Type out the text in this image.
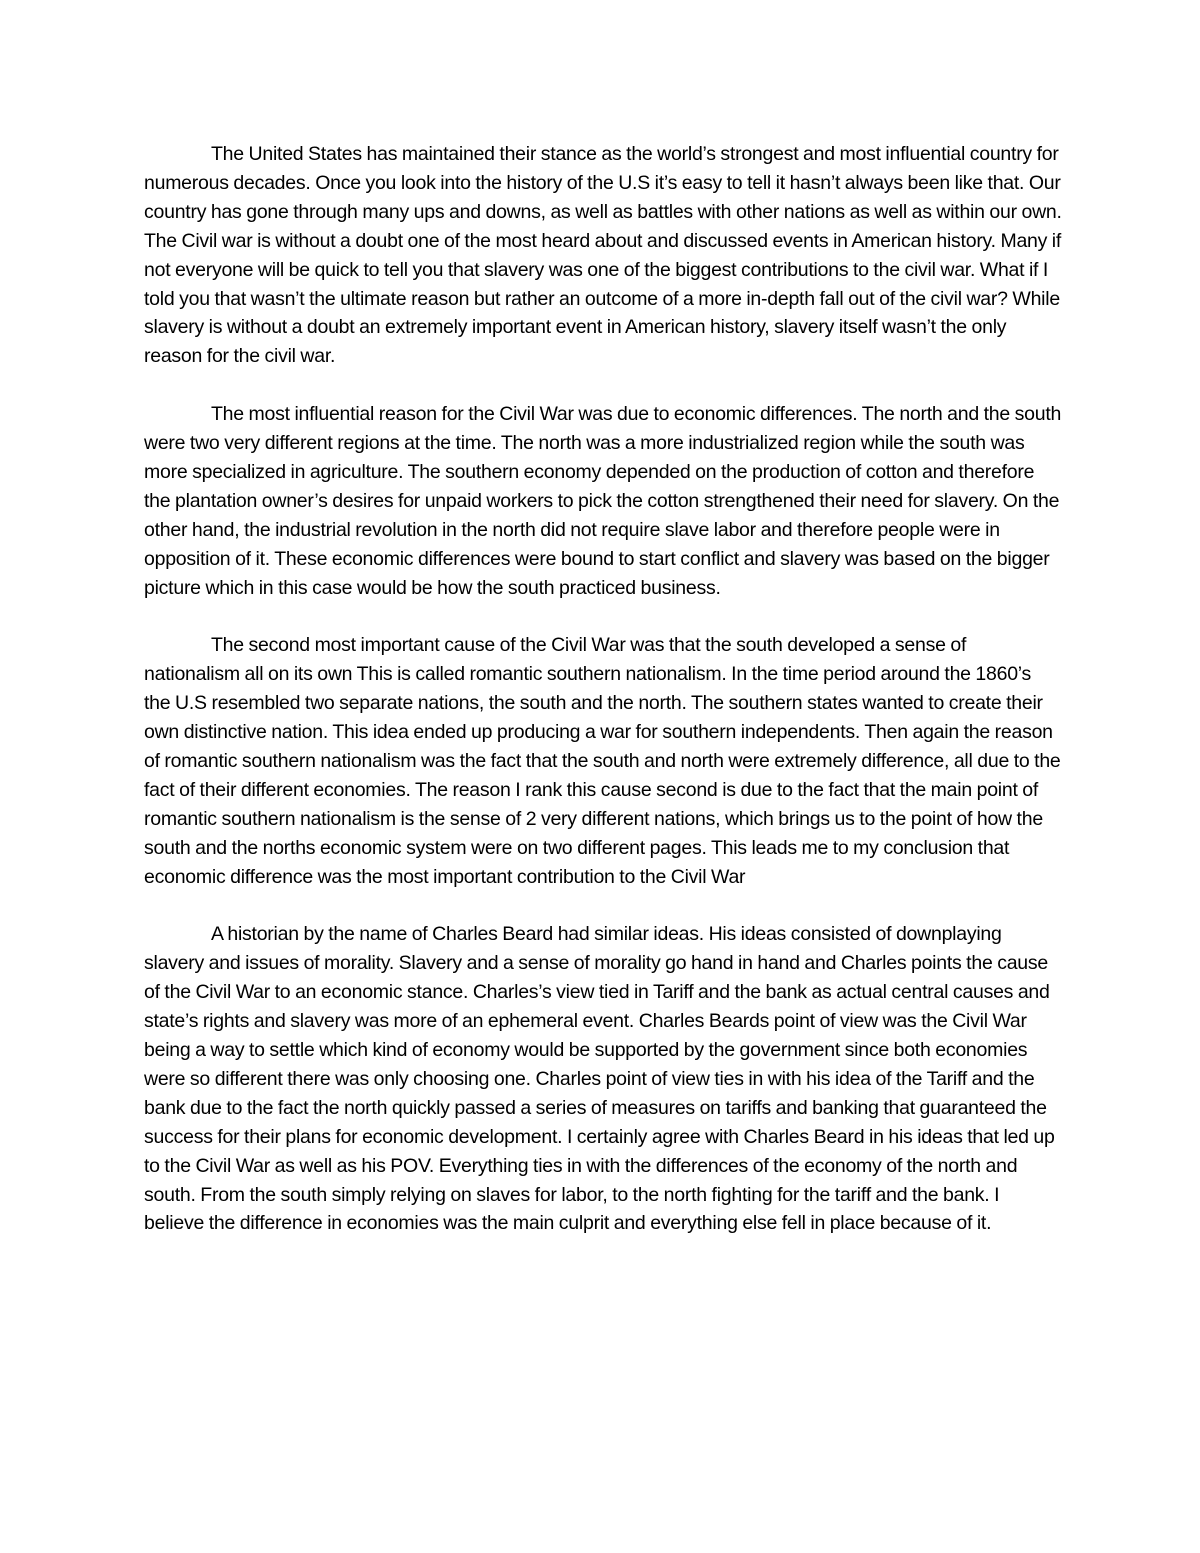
The United States has maintained their stance as the world’s strongest and most influential country for numerous decades. Once you look into the history of the U.S it’s easy to tell it hasn’t always been like that. Our country has gone through many ups and downs, as well as battles with other nations as well as within our own. The Civil war is without a doubt one of the most heard about and discussed events in American history. Many if not everyone will be quick to tell you that slavery was one of the biggest contributions to the civil war. What if I told you that wasn’t the ultimate reason but rather an outcome of a more in-depth fall out of the civil war? While slavery is without a doubt an extremely important event in American history, slavery itself wasn’t the only reason for the civil war.

The most influential reason for the Civil War was due to economic differences. The north and the south were two very different regions at the time. The north was a more industrialized region while the south was more specialized in agriculture. The southern economy depended on the production of cotton and therefore the plantation owner’s desires for unpaid workers to pick the cotton strengthened their need for slavery. On the other hand, the industrial revolution in the north did not require slave labor and therefore people were in opposition of it. These economic differences were bound to start conflict and slavery was based on the bigger picture which in this case would be how the south practiced business.

The second most important cause of the Civil War was that the south developed a sense of nationalism all on its own This is called romantic southern nationalism. In the time period around the 1860’s the U.S resembled two separate nations, the south and the north. The southern states wanted to create their own distinctive nation. This idea ended up producing a war for southern independents. Then again the reason of romantic southern nationalism was the fact that the south and north were extremely difference, all due to the fact of their different economies. The reason I rank this cause second is due to the fact that the main point of romantic southern nationalism is the sense of 2 very different nations, which brings us to the point of how the south and the norths economic system were on two different pages. This leads me to my conclusion that economic difference was the most important contribution to the Civil War

A historian by the name of Charles Beard had similar ideas. His ideas consisted of downplaying slavery and issues of morality. Slavery and a sense of morality go hand in hand and Charles points the cause of the Civil War to an economic stance. Charles’s view tied in Tariff and the bank as actual central causes and state’s rights and slavery was more of an ephemeral event. Charles Beards point of view was the Civil War being a way to settle which kind of economy would be supported by the government since both economies were so different there was only choosing one. Charles point of view ties in with his idea of the Tariff and the bank due to the fact the north quickly passed a series of measures on tariffs and banking that guaranteed the success for their plans for economic development. I certainly agree with Charles Beard in his ideas that led up to the Civil War as well as his POV. Everything ties in with the differences of the economy of the north and south. From the south simply relying on slaves for labor, to the north fighting for the tariff and the bank. I believe the difference in economies was the main culprit and everything else fell in place because of it.
